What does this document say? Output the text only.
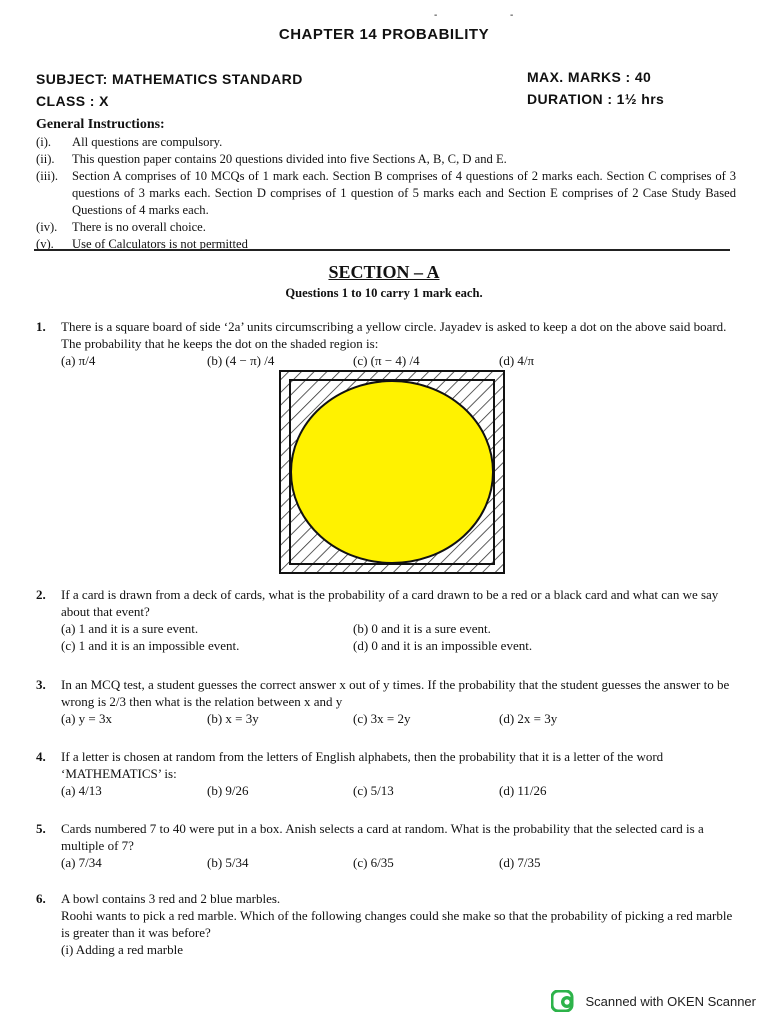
-	-
CHAPTER 14 PROBABILITY
SUBJECT: MATHEMATICS STANDARD
CLASS : X
MAX. MARKS : 40
DURATION : 1½ hrs
General Instructions:
(i).	All questions are compulsory.
(ii).	This question paper contains 20 questions divided into five Sections A, B, C, D and E.
(iii).	Section A comprises of 10 MCQs of 1 mark each. Section B comprises of 4 questions of 2 marks each. Section C comprises of 3 questions of 3 marks each. Section D comprises of 1 question of 5 marks each and Section E comprises of 2 Case Study Based Questions of 4 marks each.
(iv).	There is no overall choice.
(v).	Use of Calculators is not permitted
SECTION – A
Questions 1 to 10 carry 1 mark each.
1.	There is a square board of side ‘2a’ units circumscribing a yellow circle. Jayadev is asked to keep a dot on the above said board. The probability that he keeps the dot on the shaded region is:
(a) π/4	(b) (4 − π) /4	(c) (π − 4) /4	(d) 4/π
2.	If a card is drawn from a deck of cards, what is the probability of a card drawn to be a red or a black card and what can we say about that event?
(a) 1 and it is a sure event.	(b) 0 and it is a sure event.
(c) 1 and it is an impossible event.	(d) 0 and it is an impossible event.
3.	In an MCQ test, a student guesses the correct answer x out of y times. If the probability that the student guesses the answer to be wrong is 2/3 then what is the relation between x and y
(a) y = 3x	(b) x = 3y	(c) 3x = 2y	(d) 2x = 3y
4.	If a letter is chosen at random from the letters of English alphabets, then the probability that it is a letter of the word ‘MATHEMATICS’ is:
(a) 4/13	(b) 9/26	(c) 5/13	(d) 11/26
5.	Cards numbered 7 to 40 were put in a box. Anish selects a card at random. What is the probability that the selected card is a multiple of 7?
(a) 7/34	(b) 5/34	(c) 6/35	(d) 7/35
6.	A bowl contains 3 red and 2 blue marbles.
Roohi wants to pick a red marble. Which of the following changes could she make so that the probability of picking a red marble is greater than it was before?
(i) Adding a red marble
Scanned with OKEN Scanner
